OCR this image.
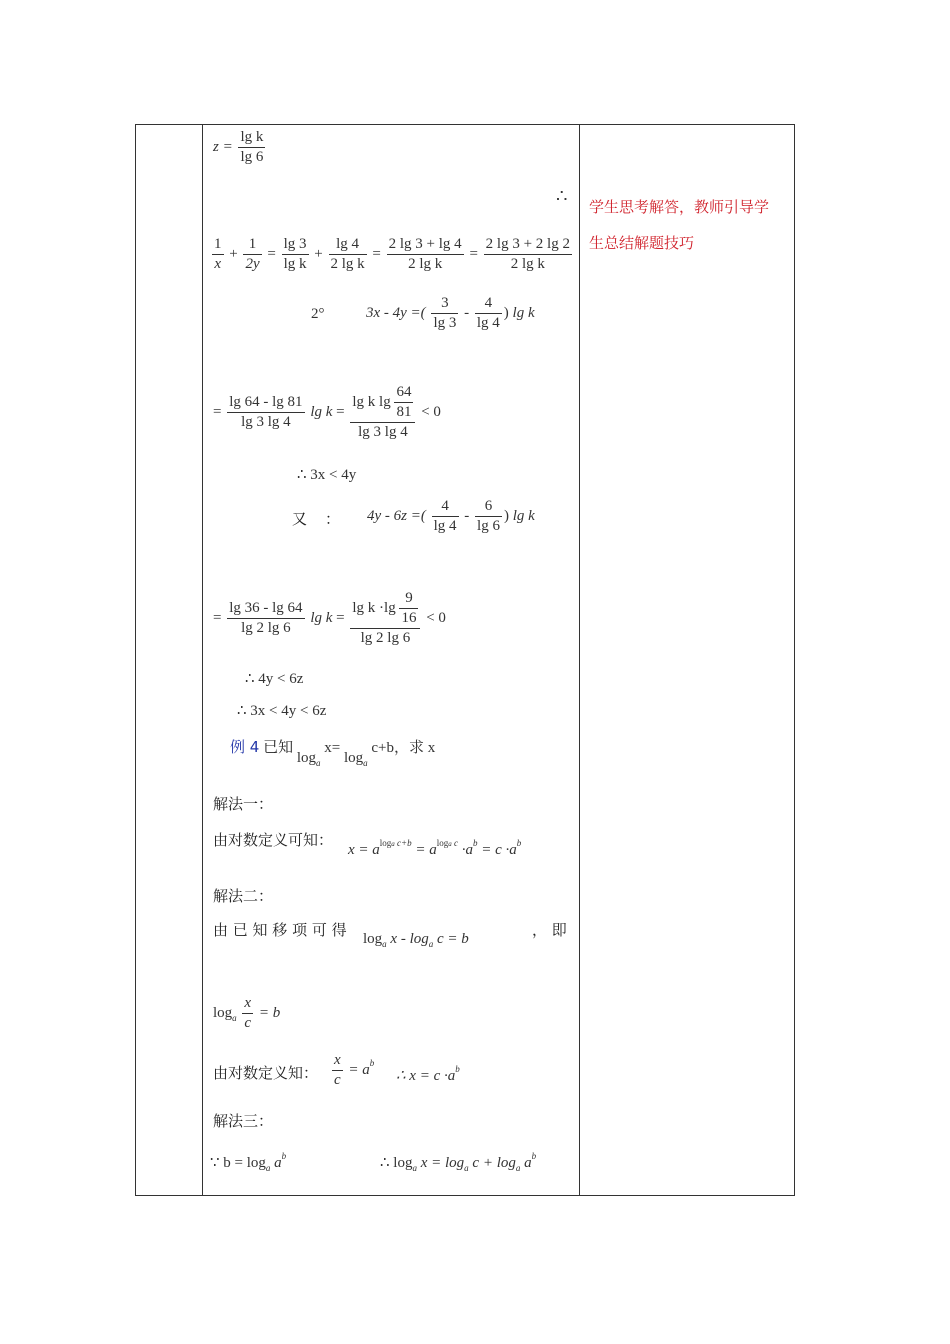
学生思考解答，教师引导学
生总结解题技巧
$z = \frac{\text{lg k}}{\lg 6}$
∴
$\frac{1}{x} + \frac{1}{2y} = \frac{\lg 3}{\text{lg k}} + \frac{\lg 4}{\text{2 lg k}} = \frac{2 \lg 3 + \lg 4}{\text{2 lg k}} = \frac{2 \lg 3 + 2 \lg 2}{\text{2 lg k}}$
2°	3x - 4y =( $\frac{3}{\lg 3} - \frac{4}{\lg 4}$ ) lg k
= $\frac{\lg 64 - \lg 81}{\lg 3 \lg 4}$ $\lg k = \frac{\lg k \lg \frac{64}{81}}{\lg 3 \lg 4} < 0$
∴ 3x < 4y
又 ： 4y - 6z =( $\frac{4}{\lg 4} - \frac{6}{\lg 6}$ ) lg k
= $\frac{\lg 36 - \lg 64}{\lg 2 \lg 6}$ $\lg k = \frac{\lg k \cdot\lg \frac{9}{16}}{\lg 2 \lg 6} < 0$
∴ 4y < 6z
∴ 3x < 4y < 6z
例 4 已知 $\log_a x= \log_a c+b$，求 x
解法一：
由对数定义可知：
$x = a^{loga c+b} = a^{loga c} \cdot a^b = c \cdot a^b$
解法二：
由 已 知 移 项 可 得 $\log_a x - \log_a c = b$	， 即
$\log_a \frac{x}{c} = b$
由对数定义知： $\frac{x}{c} = a^b$
∴ $x = c \cdot a^b$
解法三：
∵ $b = \log_a a^b$	∴ $\log_a x = \log_a c + \log_a a^b$
